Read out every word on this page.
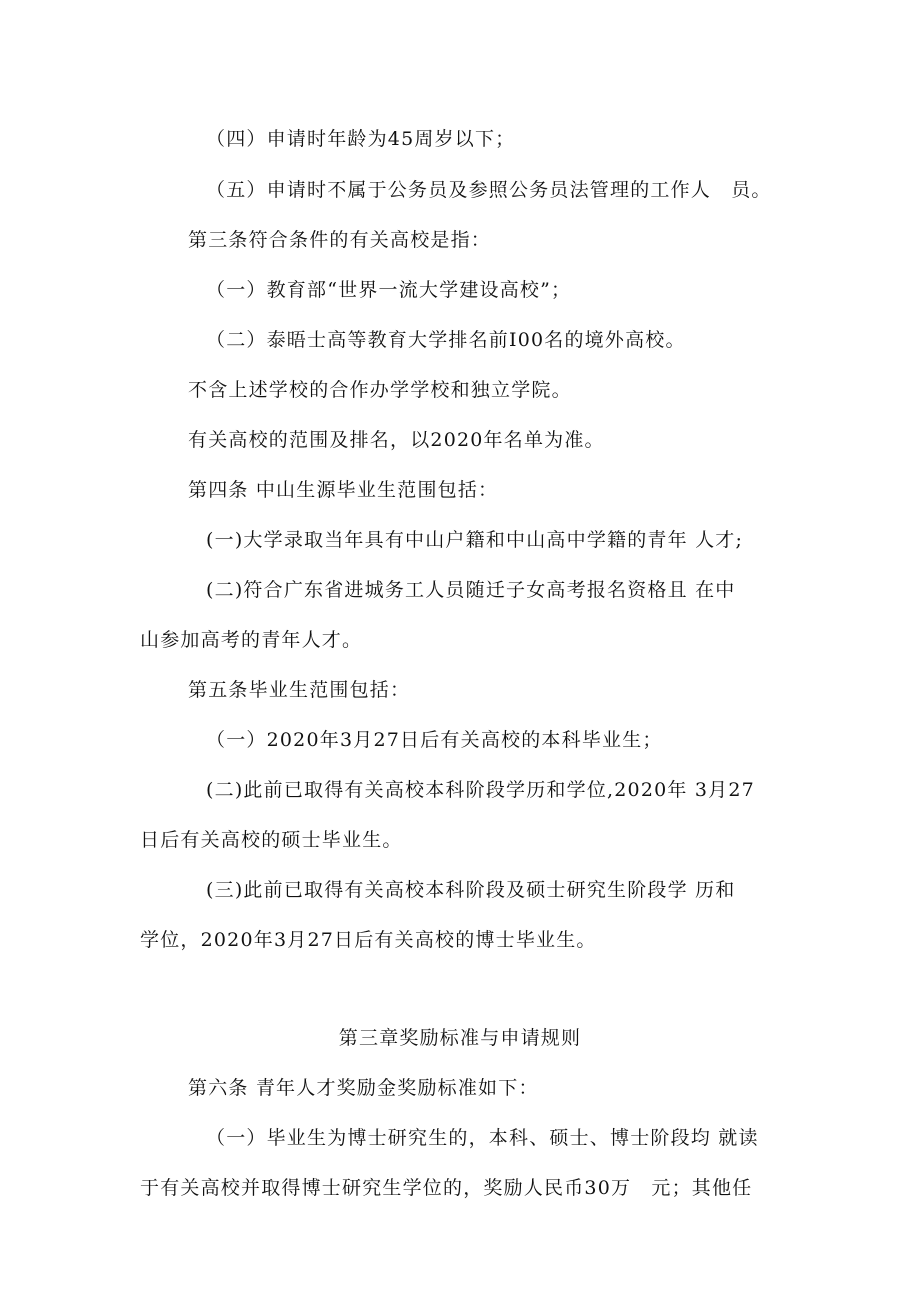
（四）申请时年龄为45周岁以下；
（五）申请时不属于公务员及参照公务员法管理的工作人　员。
第三条符合条件的有关高校是指：
（一）教育部“世界一流大学建设高校”；
（二）泰晤士高等教育大学排名前I00名的境外高校。
不含上述学校的合作办学学校和独立学院。
有关高校的范围及排名，以2020年名单为准。
第四条 中山生源毕业生范围包括：
(一)大学录取当年具有中山户籍和中山高中学籍的青年 人才;
(二)符合广东省进城务工人员随迁子女高考报名资格且 在中
山参加高考的青年人才。
第五条毕业生范围包括：
（一）2020年3月27日后有关高校的本科毕业生；
(二)此前已取得有关高校本科阶段学历和学位,2020年 3月27
日后有关高校的硕士毕业生。
(三)此前已取得有关高校本科阶段及硕士研究生阶段学 历和
学位，2020年3月27日后有关高校的博士毕业生。
第三章奖励标准与申请规则
第六条 青年人才奖励金奖励标准如下：
（一）毕业生为博士研究生的，本科、硕士、博士阶段均 就读
于有关高校并取得博士研究生学位的，奖励人民币30万　元；其他任
